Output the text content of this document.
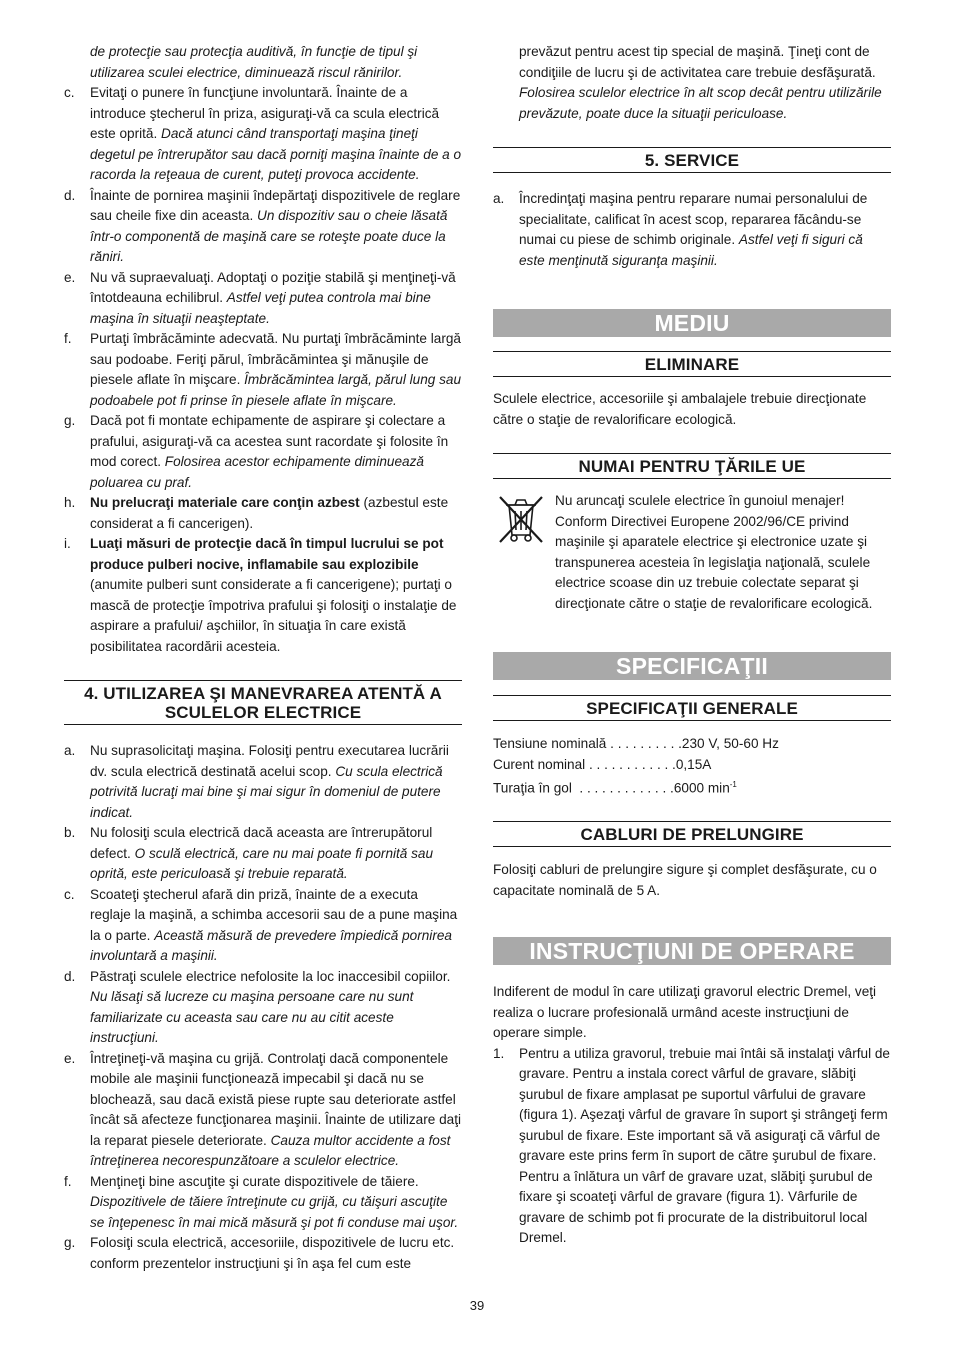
de protecţie sau protecţia auditivă, în funcţie de tipul şi utilizarea sculei electrice, diminuează riscul rănirilor.
c.	Evitaţi o punere în funcţiune involuntară. Înainte de a introduce ştecherul în priza, asiguraţi-vă ca scula electrică este oprită. Dacă atunci când transportaţi maşina ţineţi degetul pe întrerupător sau dacă porniţi maşina înainte de a o racorda la reţeaua de curent, puteţi provoca accidente.
d.	Înainte de pornirea maşinii îndepărtaţi dispozitivele de reglare sau cheile fixe din aceasta. Un dispozitiv sau o cheie lăsată într-o componentă de maşină care se roteşte poate duce la răniri.
e.	Nu vă supraevaluaţi. Adoptaţi o poziţie stabilă şi menţineţi-vă întotdeauna echilibrul. Astfel veţi putea controla mai bine maşina în situaţii neaşteptate.
f.	Purtaţi îmbrăcăminte adecvată. Nu purtaţi îmbrăcăminte largă sau podoabe. Feriţi părul, îmbrăcămintea şi mănuşile de piesele aflate în mişcare. Îmbrăcămintea largă, părul lung sau podoabele pot fi prinse în piesele aflate în mişcare.
g.	Dacă pot fi montate echipamente de aspirare şi colectare a prafului, asiguraţi-vă ca acestea sunt racordate şi folosite în mod corect. Folosirea acestor echipamente diminuează poluarea cu praf.
h.	Nu prelucraţi materiale care conţin azbest (azbestul este considerat a fi cancerigen).
i.	Luaţi măsuri de protecţie dacă în timpul lucrului se pot produce pulberi nocive, inflamabile sau explozibile (anumite pulberi sunt considerate a fi cancerigene); purtaţi o mască de protecţie împotriva prafului şi folosiţi o instalaţie de aspirare a prafului/ aşchiilor, în situaţia în care există posibilitatea racordării acesteia.
4. UTILIZAREA ŞI MANEVRAREA ATENTĂ A SCULELOR ELECTRICE
a.	Nu suprasolicitaţi maşina. Folosiţi pentru executarea lucrării dv. scula electrică destinată acelui scop. Cu scula electrică potrivită lucraţi mai bine şi mai sigur în domeniul de putere indicat.
b.	Nu folosiţi scula electrică dacă aceasta are întrerupătorul defect. O sculă electrică, care nu mai poate fi pornită sau oprită, este periculoasă şi trebuie reparată.
c.	Scoateţi ştecherul afară din priză, înainte de a executa reglaje la maşină, a schimba accesorii sau de a pune maşina la o parte. Această măsură de prevedere împiedică pornirea involuntară a maşinii.
d.	Păstraţi sculele electrice nefolosite la loc inaccesibil copiilor. Nu lăsaţi să lucreze cu maşina persoane care nu sunt familiarizate cu aceasta sau care nu au citit aceste instrucţiuni.
e.	Întreţineţi-vă maşina cu grijă. Controlaţi dacă componentele mobile ale maşinii funcţionează impecabil şi dacă nu se blochează, sau dacă există piese rupte sau deteriorate astfel încât să afecteze funcţionarea maşinii. Înainte de utilizare daţi la reparat piesele deteriorate. Cauza multor accidente a fost întreţinerea necorespunzătoare a sculelor electrice.
f.	Menţineţi bine ascuţite şi curate dispozitivele de tăiere. Dispozitivele de tăiere întreţinute cu grijă, cu tăişuri ascuţite se înţepenesc în mai mică măsură şi pot fi conduse mai uşor.
g.	Folosiţi scula electrică, accesoriile, dispozitivele de lucru etc. conform prezentelor instrucţiuni şi în aşa fel cum este
prevăzut pentru acest tip special de maşină. Ţineţi cont de condiţiile de lucru şi de activitatea care trebuie desfăşurată. Folosirea sculelor electrice în alt scop decât pentru utilizările prevăzute, poate duce la situaţii periculoase.
5. SERVICE
a.	Încredinţaţi maşina pentru reparare numai personalului de specialitate, calificat în acest scop, repararea făcându-se numai cu piese de schimb originale. Astfel veţi fi siguri că este menţinută siguranţa maşinii.
MEDIU
ELIMINARE
Sculele electrice, accesoriile şi ambalajele trebuie direcţionate către o staţie de revalorificare ecologică.
NUMAI PENTRU ŢĂRILE UE
Nu aruncaţi sculele electrice în gunoiul menajer! Conform Directivei Europene 2002/96/CE privind maşinile şi aparatele electrice şi electronice uzate şi transpunerea acesteia în legislaţia naţională, sculele electrice scoase din uz trebuie colectate separat şi direcţionate către o staţie de revalorificare ecologică.
SPECIFICAŢII
SPECIFICAŢII GENERALE
Tensiune nominală . . . . . . . . . .230 V, 50-60 Hz
Curent nominal . . . . . . . . . . . .0,15A
Turaţia în gol  . . . . . . . . . . . . .6000 $\min^{-1}$
CABLURI DE PRELUNGIRE
Folosiţi cabluri de prelungire sigure şi complet desfăşurate, cu o capacitate nominală de 5 A.
INSTRUCŢIUNI DE OPERARE
Indiferent de modul în care utilizaţi gravorul electric Dremel, veţi realiza o lucrare profesională urmând aceste instrucţiuni de operare simple.
1.	Pentru a utiliza gravorul, trebuie mai întâi să instalaţi vârful de gravare. Pentru a instala corect vârful de gravare, slăbiţi şurubul de fixare amplasat pe suportul vârfului de gravare (figura 1). Aşezaţi vârful de gravare în suport şi strângeţi ferm şurubul de fixare. Este important să vă asiguraţi că vârful de gravare este prins ferm în suport de către şurubul de fixare. Pentru a înlătura un vârf de gravare uzat, slăbiţi şurubul de fixare şi scoateţi vârful de gravare (figura 1). Vârfurile de gravare de schimb pot fi procurate de la distribuitorul local Dremel.
39
